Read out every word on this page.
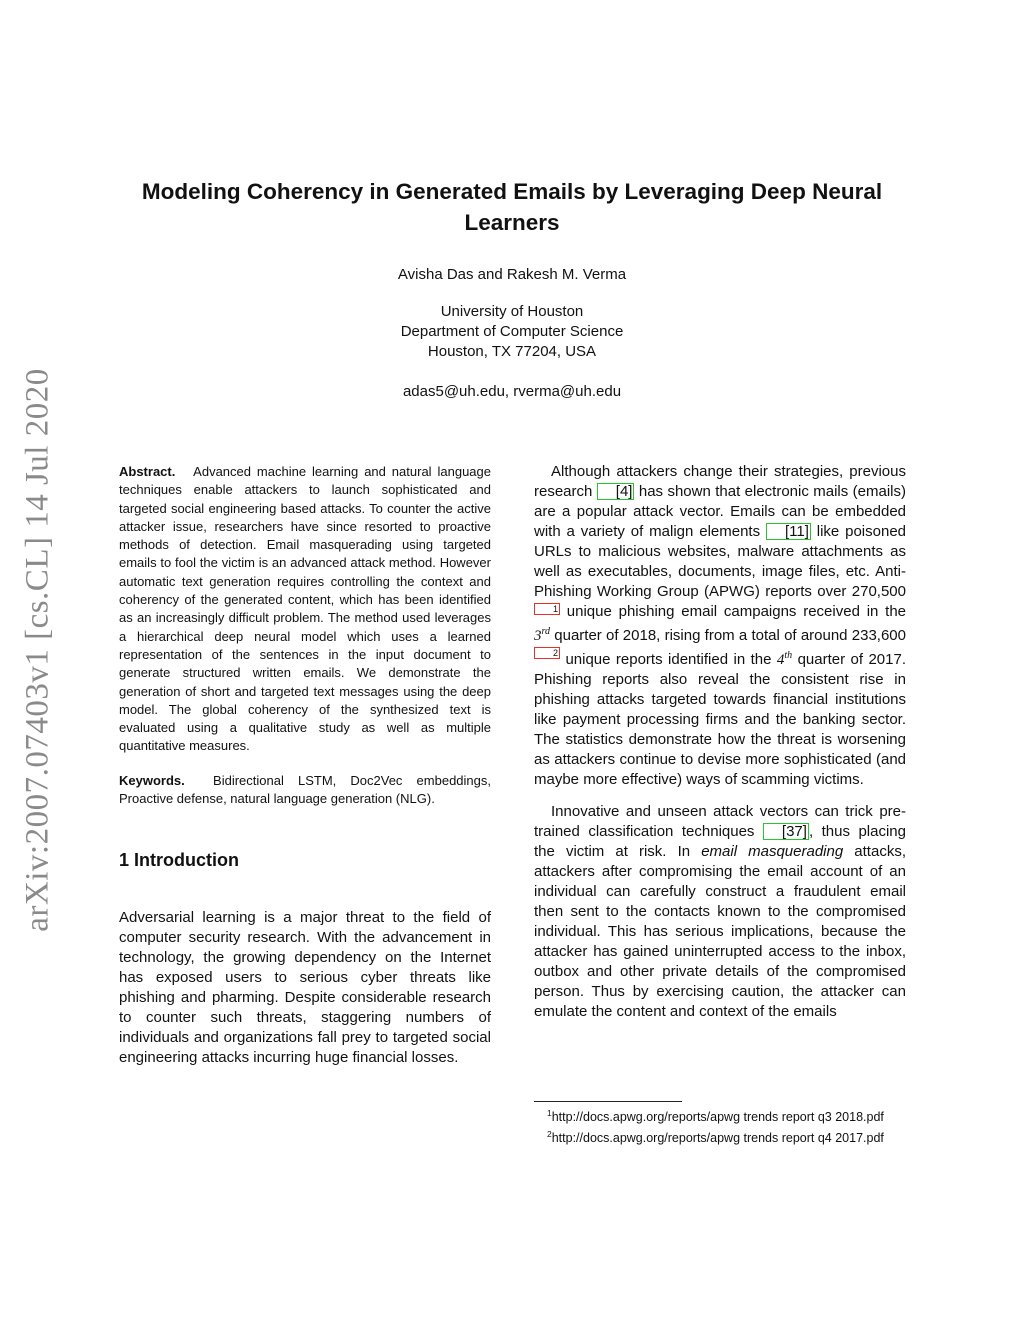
arXiv:2007.07403v1 [cs.CL] 14 Jul 2020
Modeling Coherency in Generated Emails by Leveraging Deep Neural Learners
Avisha Das and Rakesh M. Verma
University of Houston
Department of Computer Science
Houston, TX 77204, USA
adas5@uh.edu, rverma@uh.edu

Abstract. Advanced machine learning and natural language techniques enable attackers to launch sophisticated and targeted social engineering based attacks. To counter the active attacker issue, researchers have since resorted to proactive methods of detection. Email masquerading using targeted emails to fool the victim is an advanced attack method. However automatic text generation requires controlling the context and coherency of the generated content, which has been identified as an increasingly difficult problem. The method used leverages a hierarchical deep neural model which uses a learned representation of the sentences in the input document to generate structured written emails. We demonstrate the generation of short and targeted text messages using the deep model. The global coherency of the synthesized text is evaluated using a qualitative study as well as multiple quantitative measures.

Keywords. Bidirectional LSTM, Doc2Vec embeddings, Proactive defense, natural language generation (NLG).

1 Introduction

Adversarial learning is a major threat to the field of computer security research. With the advancement in technology, the growing dependency on the Internet has exposed users to serious cyber threats like phishing and pharming. Despite considerable research to counter such threats, staggering numbers of individuals and organizations fall prey to targeted social engineering attacks incurring huge financial losses.

Although attackers change their strategies, previous research [4] has shown that electronic mails (emails) are a popular attack vector. Emails can be embedded with a variety of malign elements [11] like poisoned URLs to malicious websites, malware attachments as well as executables, documents, image files, etc. Anti-Phishing Working Group (APWG) reports over 270,5001 unique phishing email campaigns received in the 3rd quarter of 2018, rising from a total of around 233,6002 unique reports identified in the 4th quarter of 2017. Phishing reports also reveal the consistent rise in phishing attacks targeted towards financial institutions like payment processing firms and the banking sector. The statistics demonstrate how the threat is worsening as attackers continue to devise more sophisticated (and maybe more effective) ways of scamming victims.

Innovative and unseen attack vectors can trick pre-trained classification techniques [37] , thus placing the victim at risk. In email masquerading attacks, attackers after compromising the email account of an individual can carefully construct a fraudulent email then sent to the contacts known to the compromised individual. This has serious implications, because the attacker has gained uninterrupted access to the inbox, outbox and other private details of the compromised person. Thus by exercising caution, the attacker can emulate the content and context of the emails

$^1$http://docs.apwg.org/reports/apwg trends report q3 2018.pdf
$^2$http://docs.apwg.org/reports/apwg trends report q4 2017.pdf
